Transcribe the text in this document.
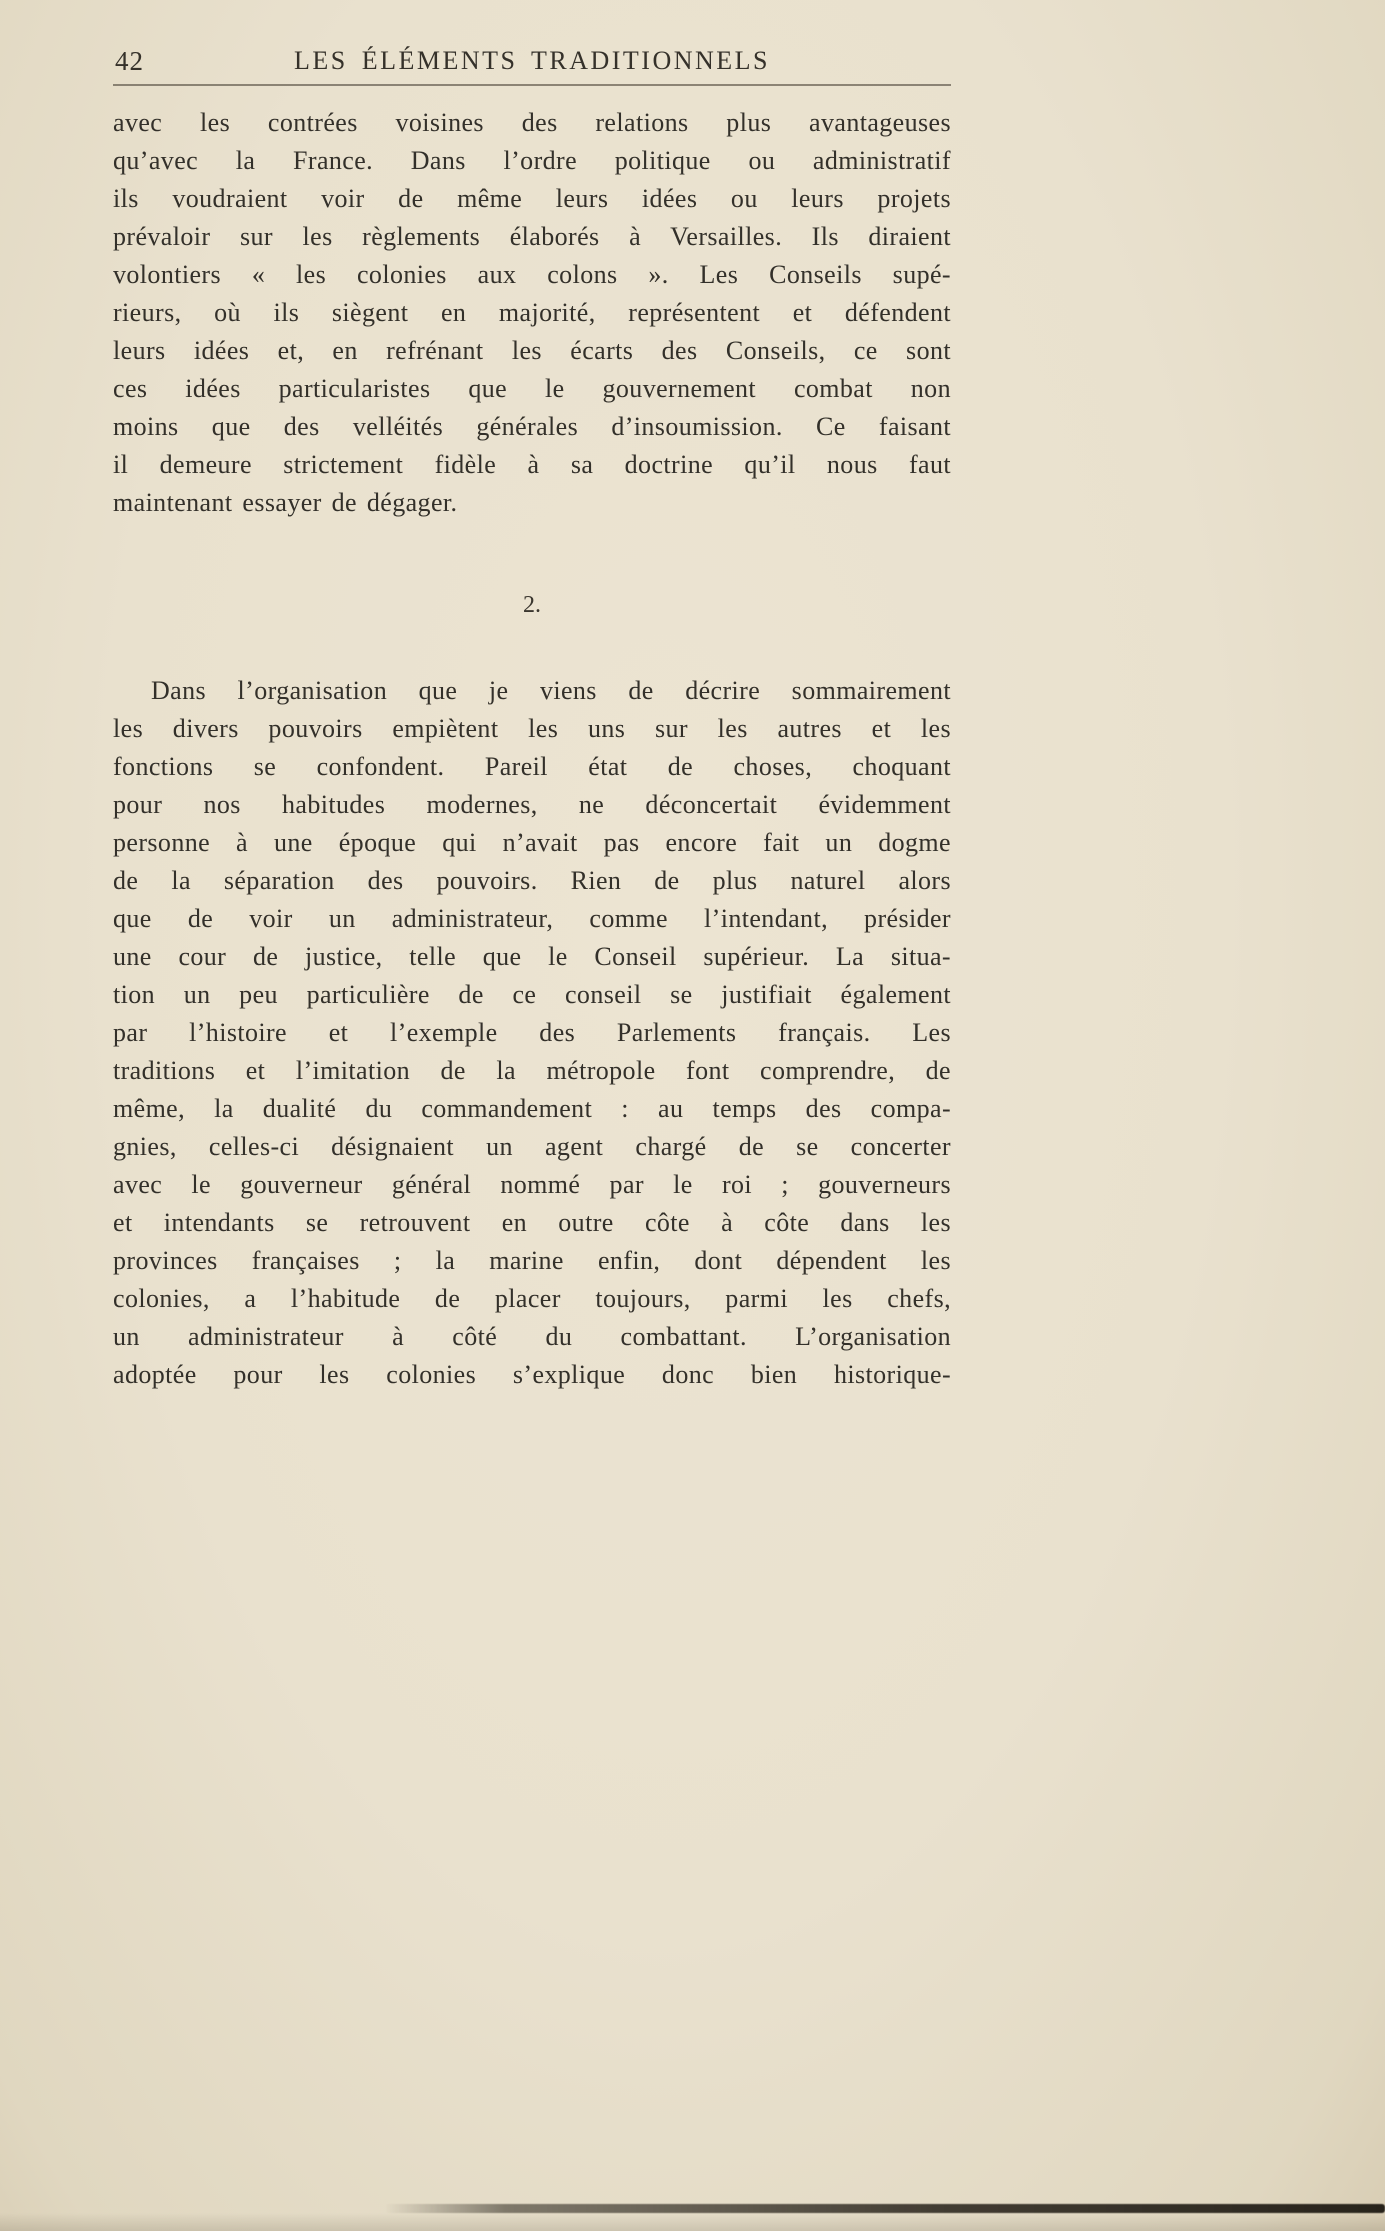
42	LES ÉLÉMENTS TRADITIONNELS
avec les contrées voisines des relations plus avantageuses
qu’avec la France. Dans l’ordre politique ou administratif
ils voudraient voir de même leurs idées ou leurs projets
prévaloir sur les règlements élaborés à Versailles. Ils diraient
volontiers « les colonies aux colons ». Les Conseils supé-
rieurs, où ils siègent en majorité, représentent et défendent
leurs idées et, en refrénant les écarts des Conseils, ce sont
ces idées particularistes que le gouvernement combat non
moins que des velléités générales d’insoumission. Ce faisant
il demeure strictement fidèle à sa doctrine qu’il nous faut
maintenant essayer de dégager.
2.
Dans l’organisation que je viens de décrire sommairement
les divers pouvoirs empiètent les uns sur les autres et les
fonctions se confondent. Pareil état de choses, choquant
pour nos habitudes modernes, ne déconcertait évidemment
personne à une époque qui n’avait pas encore fait un dogme
de la séparation des pouvoirs. Rien de plus naturel alors
que de voir un administrateur, comme l’intendant, présider
une cour de justice, telle que le Conseil supérieur. La situa-
tion un peu particulière de ce conseil se justifiait également
par l’histoire et l’exemple des Parlements français. Les
traditions et l’imitation de la métropole font comprendre, de
même, la dualité du commandement : au temps des compa-
gnies, celles-ci désignaient un agent chargé de se concerter
avec le gouverneur général nommé par le roi ; gouverneurs
et intendants se retrouvent en outre côte à côte dans les
provinces françaises ; la marine enfin, dont dépendent les
colonies, a l’habitude de placer toujours, parmi les chefs,
un administrateur à côté du combattant. L’organisation
adoptée pour les colonies s’explique donc bien historique-
